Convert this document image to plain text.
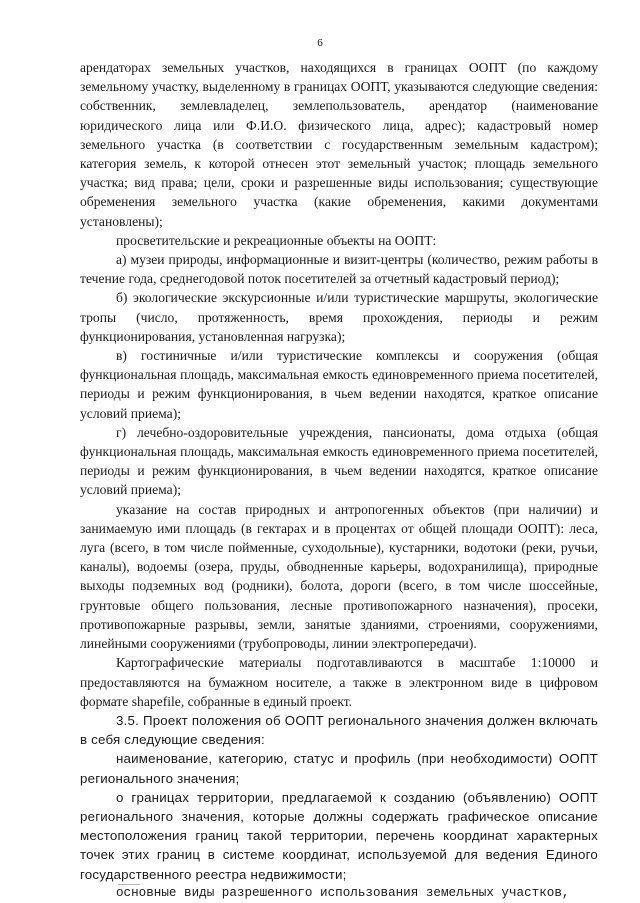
6

арендаторах земельных участков, находящихся в границах ООПТ (по каждому земельному участку, выделенному в границах ООПТ, указываются следующие сведения: собственник, землевладелец, землепользователь, арендатор (наименование юридического лица или Ф.И.О. физического лица, адрес); кадастровый номер земельного участка (в соответствии с государственным земельным кадастром); категория земель, к которой отнесен этот земельный участок; площадь земельного участка; вид права; цели, сроки и разрешенные виды использования; существующие обременения земельного участка (какие обременения, какими документами установлены);

просветительские и рекреационные объекты на ООПТ:

а) музеи природы, информационные и визит-центры (количество, режим работы в течение года, среднегодовой поток посетителей за отчетный кадастровый период);

б) экологические экскурсионные и/или туристические маршруты, экологические тропы (число, протяженность, время прохождения, периоды и режим функционирования, установленная нагрузка);

в) гостиничные и/или туристические комплексы и сооружения (общая функциональная площадь, максимальная емкость единовременного приема посетителей, периоды и режим функционирования, в чьем ведении находятся, краткое описание условий приема);

г) лечебно-оздоровительные учреждения, пансионаты, дома отдыха (общая функциональная площадь, максимальная емкость единовременного приема посетителей, периоды и режим функционирования, в чьем ведении находятся, краткое описание условий приема);

указание на состав природных и антропогенных объектов (при наличии) и занимаемую ими площадь (в гектарах и в процентах от общей площади ООПТ): леса, луга (всего, в том числе пойменные, суходольные), кустарники, водотоки (реки, ручьи, каналы), водоемы (озера, пруды, обводненные карьеры, водохранилища), природные выходы подземных вод (родники), болота, дороги (всего, в том числе шоссейные, грунтовые общего пользования, лесные противопожарного назначения), просеки, противопожарные разрывы, земли, занятые зданиями, строениями, сооружениями, линейными сооружениями (трубопроводы, линии электропередачи).

Картографические материалы подготавливаются в масштабе 1:10000 и предоставляются на бумажном носителе, а также в электронном виде в цифровом формате shapefile, собранные в единый проект.

3.5. Проект положения об ООПТ регионального значения должен включать в себя следующие сведения:

наименование, категорию, статус и профиль (при необходимости) ООПТ регионального значения;

о границах территории, предлагаемой к созданию (объявлению) ООПТ регионального значения, которые должны содержать графическое описание местоположения границ такой территории, перечень координат характерных точек этих границ в системе координат, используемой для ведения Единого государственного реестра недвижимости;

основные виды разрешенного использования земельных участков,
